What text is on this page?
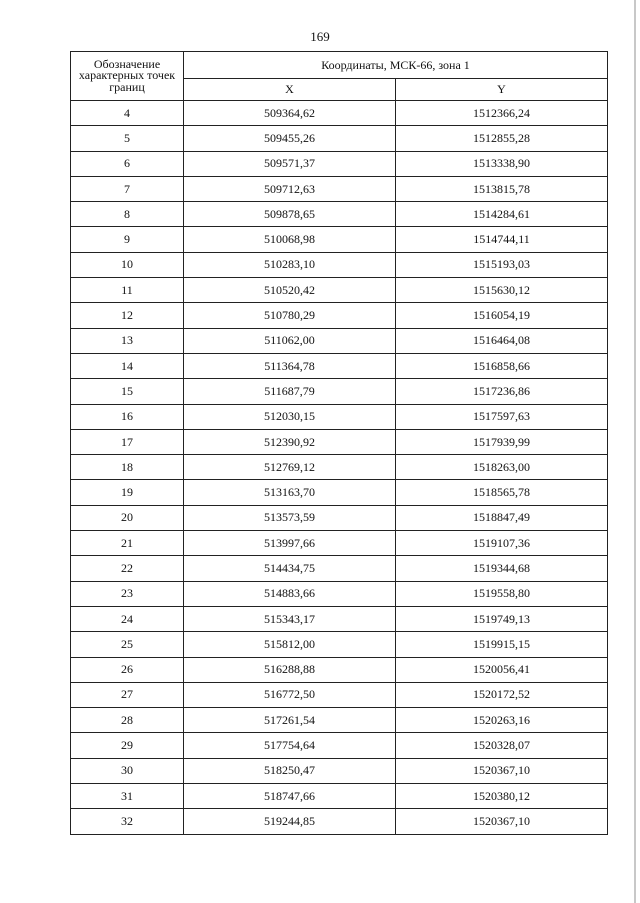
169
Обозначение характерных точек границ	Координаты, МСК-66, зона 1	
	X	Y
4	509364,62	1512366,24
5	509455,26	1512855,28
6	509571,37	1513338,90
7	509712,63	1513815,78
8	509878,65	1514284,61
9	510068,98	1514744,11
10	510283,10	1515193,03
11	510520,42	1515630,12
12	510780,29	1516054,19
13	511062,00	1516464,08
14	511364,78	1516858,66
15	511687,79	1517236,86
16	512030,15	1517597,63
17	512390,92	1517939,99
18	512769,12	1518263,00
19	513163,70	1518565,78
20	513573,59	1518847,49
21	513997,66	1519107,36
22	514434,75	1519344,68
23	514883,66	1519558,80
24	515343,17	1519749,13
25	515812,00	1519915,15
26	516288,88	1520056,41
27	516772,50	1520172,52
28	517261,54	1520263,16
29	517754,64	1520328,07
30	518250,47	1520367,10
31	518747,66	1520380,12
32	519244,85	1520367,10
